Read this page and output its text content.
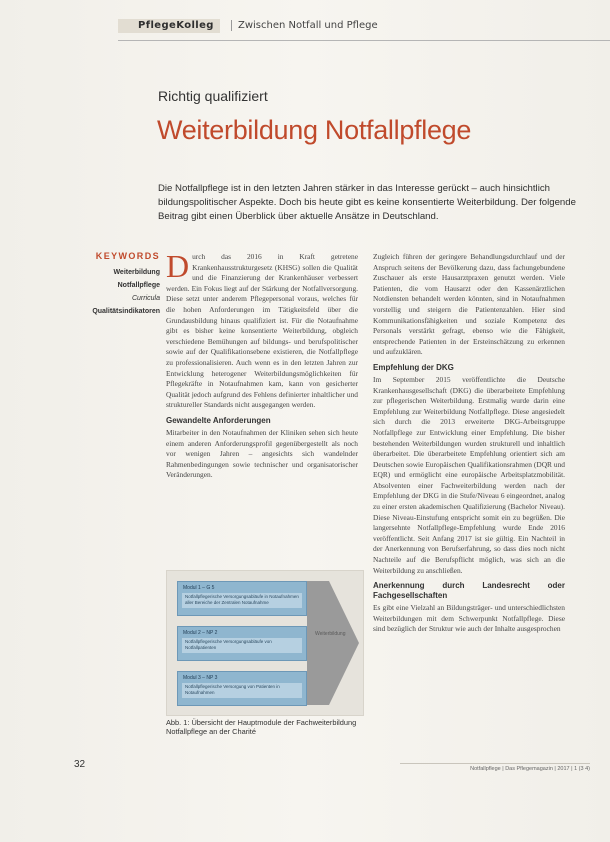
PflegeKolleg	Zwischen Notfall und Pflege
Richtig qualifiziert
Weiterbildung Notfallpflege
Die Notfallpflege ist in den letzten Jahren stärker in das Interesse gerückt – auch hinsichtlich bildungspolitischer Aspekte. Doch bis heute gibt es keine konsentierte Weiterbildung. Der folgende Beitrag gibt einen Überblick über aktuelle Ansätze in Deutschland.
KEYWORDS
Weiterbildung
Notfallpflege
Curricula
Qualitätsindikatoren

Durch das 2016 in Kraft getretene Krankenhausstrukturgesetz (KHSG) sollen die Qualität und die Finanzierung der Krankenhäuser verbessert werden. Ein Fokus liegt auf der Stärkung der Notfallversorgung. Diese setzt unter anderem Pflegepersonal voraus, welches für die hohen Anforderungen im Tätigkeitsfeld über die Grundausbildung hinaus qualifiziert ist. Für die Notaufnahme gibt es bisher keine konsentierte Weiterbildung, obgleich verschiedene Bemühungen auf bildungs- und berufspolitischer sowie auf der Qualifikationsebene existieren, die Notfallpflege zu professionalisieren. Auch wenn es in den letzten Jahren zur Entwicklung heterogener Weiterbildungsmöglichkeiten für Pflegekräfte in Notaufnahmen kam, kann von gesicherter Qualität jedoch aufgrund des Fehlens definierter inhaltlicher und struktureller Standards nicht ausgegangen werden.

Gewandelte Anforderungen

Mitarbeiter in den Notaufnahmen der Kliniken sehen sich heute einem anderen Anforderungsprofil gegenübergestellt als noch vor wenigen Jahren – angesichts sich wandelnder Rahmenbedingungen sowie technischer und organisatorischer Veränderungen.

Zugleich führen der geringere Behandlungsdurchlauf und der Anspruch seitens der Bevölkerung dazu, dass fachungebundene Zuschauer als erste Hausarztpraxen genutzt werden. Viele Patienten, die vom Hausarzt oder den Kassenärztlichen Notdiensten behandelt werden könnten, sind in Notaufnahmen vorstellig und steigern die Patientenzahlen. Hier sind Kommunikationsfähigkeiten und soziale Kompetenz des Personals verstärkt gefragt, ebenso wie die Fähigkeit, entsprechende Patienten in der Ersteinschätzung zu erkennen und aufzuklären.

Empfehlung der DKG

Im September 2015 veröffentlichte die Deutsche Krankenhausgesellschaft (DKG) die überarbeitete Empfehlung zur pflegerischen Weiterbildung. Erstmalig wurde darin eine Empfehlung zur Weiterbildung Notfallpflege. Diese angesiedelt sich durch die 2013 erweiterte DKG-Arbeitsgruppe Notfallpflege zur Entwicklung einer Empfehlung. Die bisher bestehenden Weiterbildungen wurden strukturell und inhaltlich überarbeitet. Die überarbeitete Empfehlung orientiert sich am Deutschen sowie Europäischen Qualifikationsrahmen (DQR und EQR) und ermöglicht eine europäische Arbeitsplatzmobilität. Absolventen einer Fachweiterbildung werden nach der Empfehlung der DKG in die Stufe/Niveau 6 eingeordnet, analog zu einer ersten akademischen Qualifizierung (Bachelor Niveau). Diese Niveau-Einstufung entspricht somit ein zu begrüßen. Die langersehnte Notfallpflege-Empfehlung wurde Ende 2016 veröffentlicht. Seit Anfang 2017 ist sie gültig. Ein Nachteil in der Anerkennung von Berufserfahrung, so dass dies noch nicht Nachteile auf die Berufspflicht möglich, was sich an die Weiterbildung zu anschließen.

Anerkennung durch Landesrecht oder Fachgesellschaften

Es gibt eine Vielzahl an Bildungsträger- und unterschiedlichsten Weiterbildungen mit dem Schwerpunkt Notfallpflege. Diese sind bezüglich der Struktur wie auch der Inhalte ausgesprochen

Modul 1 – G 5
Notfallpflegerische Versorgungsabläufe in Notaufnahmen aller Bereiche der Zentralen Notaufnahme
Modul 2 – NP 2
Notfallpflegerische Versorgungsabläufe von Notfallpatienten
Modul 3 – NP 3
Notfallpflegerische Versorgung von Patienten in Notaufnahmen
Weiterbildung
Abb. 1: Übersicht der Hauptmodule der Fachweiterbildung Notfallpflege an der Charité
32	Notfallpflege | Das Pflegemagazin | 2017 | 1 (3 4)
